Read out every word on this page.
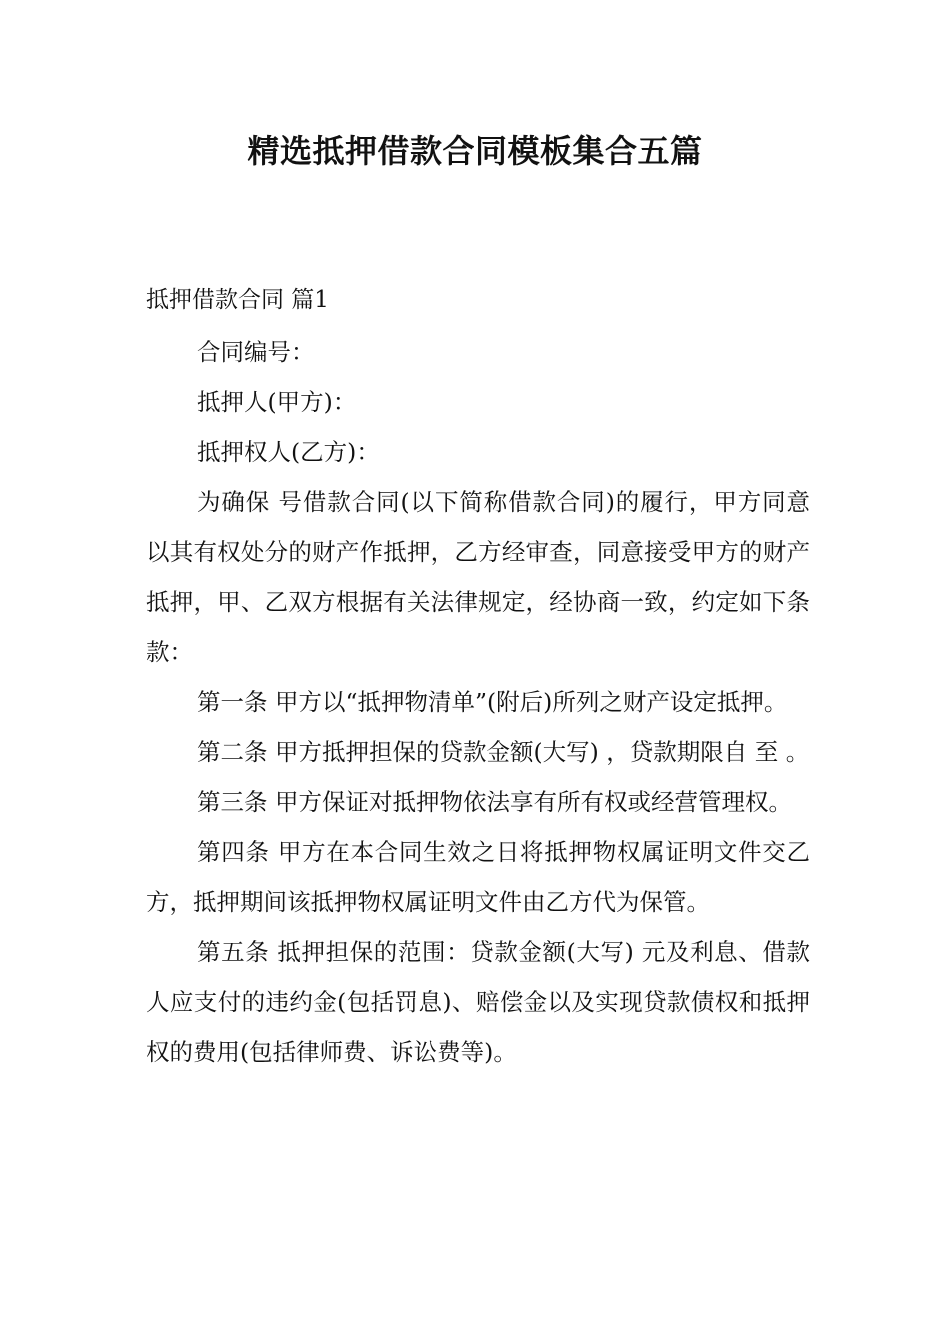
精选抵押借款合同模板集合五篇
抵押借款合同 篇1

合同编号：

抵押人(甲方)：

抵押权人(乙方)：

为确保 号借款合同(以下简称借款合同)的履行，甲方同意以其有权处分的财产作抵押，乙方经审查，同意接受甲方的财产抵押，甲、乙双方根据有关法律规定，经协商一致，约定如下条款：

第一条 甲方以“抵押物清单”(附后)所列之财产设定抵押。

第二条 甲方抵押担保的贷款金额(大写) ，贷款期限自 至 。

第三条 甲方保证对抵押物依法享有所有权或经营管理权。

第四条 甲方在本合同生效之日将抵押物权属证明文件交乙方，抵押期间该抵押物权属证明文件由乙方代为保管。

第五条 抵押担保的范围：贷款金额(大写) 元及利息、借款人应支付的违约金(包括罚息)、赔偿金以及实现贷款债权和抵押权的费用(包括律师费、诉讼费等)。
